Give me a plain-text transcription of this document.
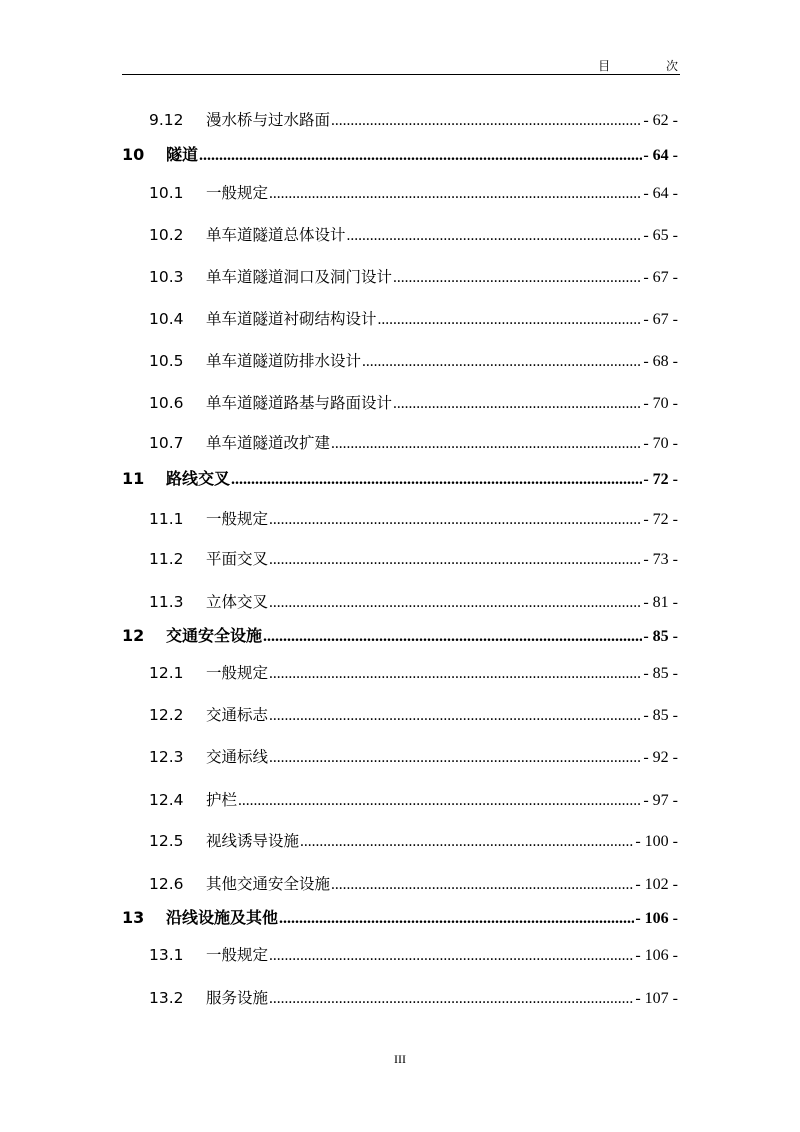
目 次
9.12	漫水桥与过水路面 .....	- 62 -
10	隧道 .....	- 64 -
10.1	一般规定 .....	- 64 -
10.2	单车道隧道总体设计 .....	- 65 -
10.3	单车道隧道洞口及洞门设计 .....	- 67 -
10.4	单车道隧道衬砌结构设计 .....	- 67 -
10.5	单车道隧道防排水设计 .....	- 68 -
10.6	单车道隧道路基与路面设计 .....	- 70 -
10.7	单车道隧道改扩建 .....	- 70 -
11	路线交叉 .....	- 72 -
11.1	一般规定 .....	- 72 -
11.2	平面交叉 .....	- 73 -
11.3	立体交叉 .....	- 81 -
12	交通安全设施 .....	- 85 -
12.1	一般规定 .....	- 85 -
12.2	交通标志 .....	- 85 -
12.3	交通标线 .....	- 92 -
12.4	护栏 .....	- 97 -
12.5	视线诱导设施 .....	- 100 -
12.6	其他交通安全设施 .....	- 102 -
13	沿线设施及其他 .....	- 106 -
13.1	一般规定 .....	- 106 -
13.2	服务设施 .....	- 107 -
III
